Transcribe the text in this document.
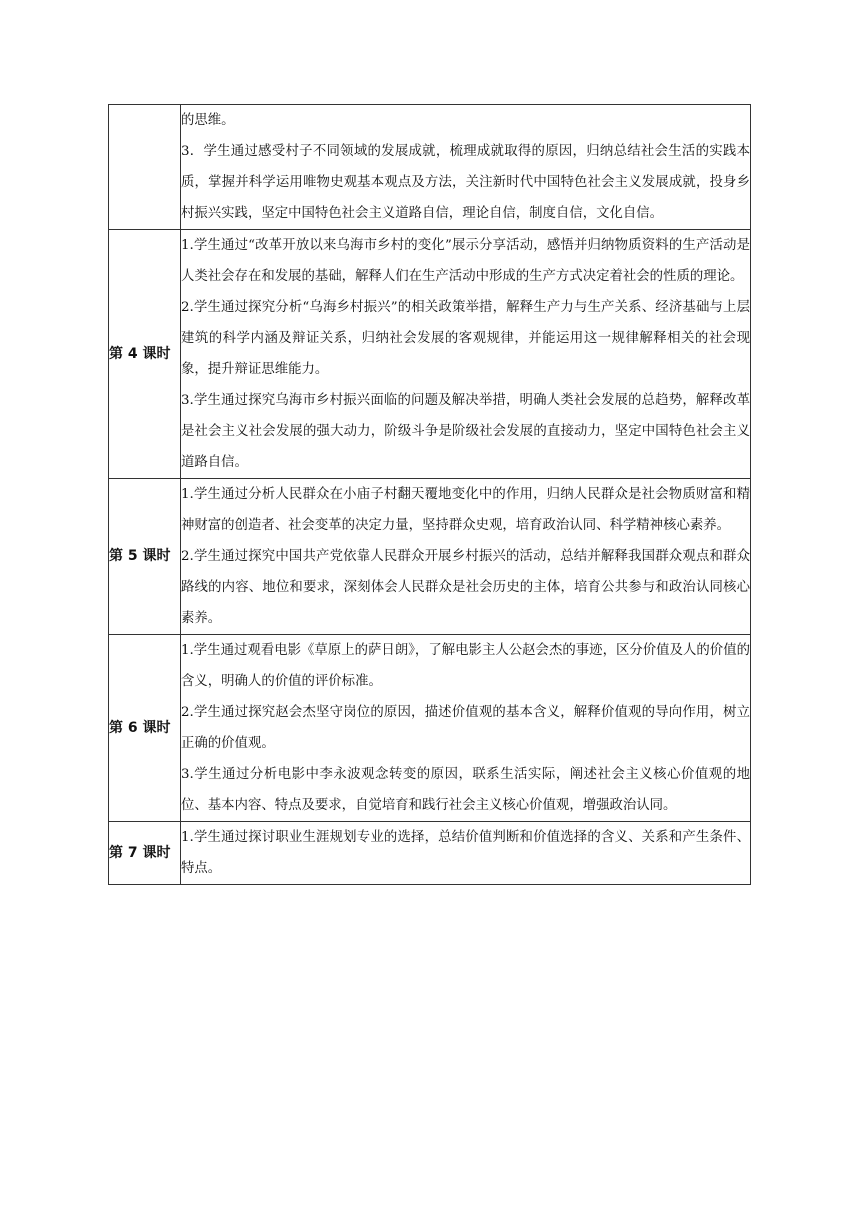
	的思维。

3．学生通过感受村子不同领域的发展成就，梳理成就取得的原因，归纳总结社会生活的实践本质，掌握并科学运用唯物史观基本观点及方法，关注新时代中国特色社会主义发展成就，投身乡村振兴实践，坚定中国特色社会主义道路自信，理论自信，制度自信，文化自信。

第 4 课时	1.学生通过“改革开放以来乌海市乡村的变化”展示分享活动，感悟并归纳物质资料的生产活动是人类社会存在和发展的基础，解释人们在生产活动中形成的生产方式决定着社会的性质的理论。

2.学生通过探究分析“乌海乡村振兴”的相关政策举措，解释生产力与生产关系、经济基础与上层建筑的科学内涵及辩证关系，归纳社会发展的客观规律，并能运用这一规律解释相关的社会现象，提升辩证思维能力。

3.学生通过探究乌海市乡村振兴面临的问题及解决举措，明确人类社会发展的总趋势，解释改革是社会主义社会发展的强大动力，阶级斗争是阶级社会发展的直接动力，坚定中国特色社会主义道路自信。

第 5 课时	1.学生通过分析人民群众在小庙子村翻天覆地变化中的作用，归纳人民群众是社会物质财富和精神财富的创造者、社会变革的决定力量，坚持群众史观，培育政治认同、科学精神核心素养。

2.学生通过探究中国共产党依靠人民群众开展乡村振兴的活动，总结并解释我国群众观点和群众路线的内容、地位和要求，深刻体会人民群众是社会历史的主体，培育公共参与和政治认同核心素养。

第 6 课时	1.学生通过观看电影《草原上的萨日朗》，了解电影主人公赵会杰的事迹，区分价值及人的价值的含义，明确人的价值的评价标准。

2.学生通过探究赵会杰坚守岗位的原因，描述价值观的基本含义，解释价值观的导向作用，树立正确的价值观。

3.学生通过分析电影中李永波观念转变的原因，联系生活实际，阐述社会主义核心价值观的地位、基本内容、特点及要求，自觉培育和践行社会主义核心价值观，增强政治认同。

第 7 课时	1.学生通过探讨职业生涯规划专业的选择，总结价值判断和价值选择的含义、关系和产生条件、特点。
